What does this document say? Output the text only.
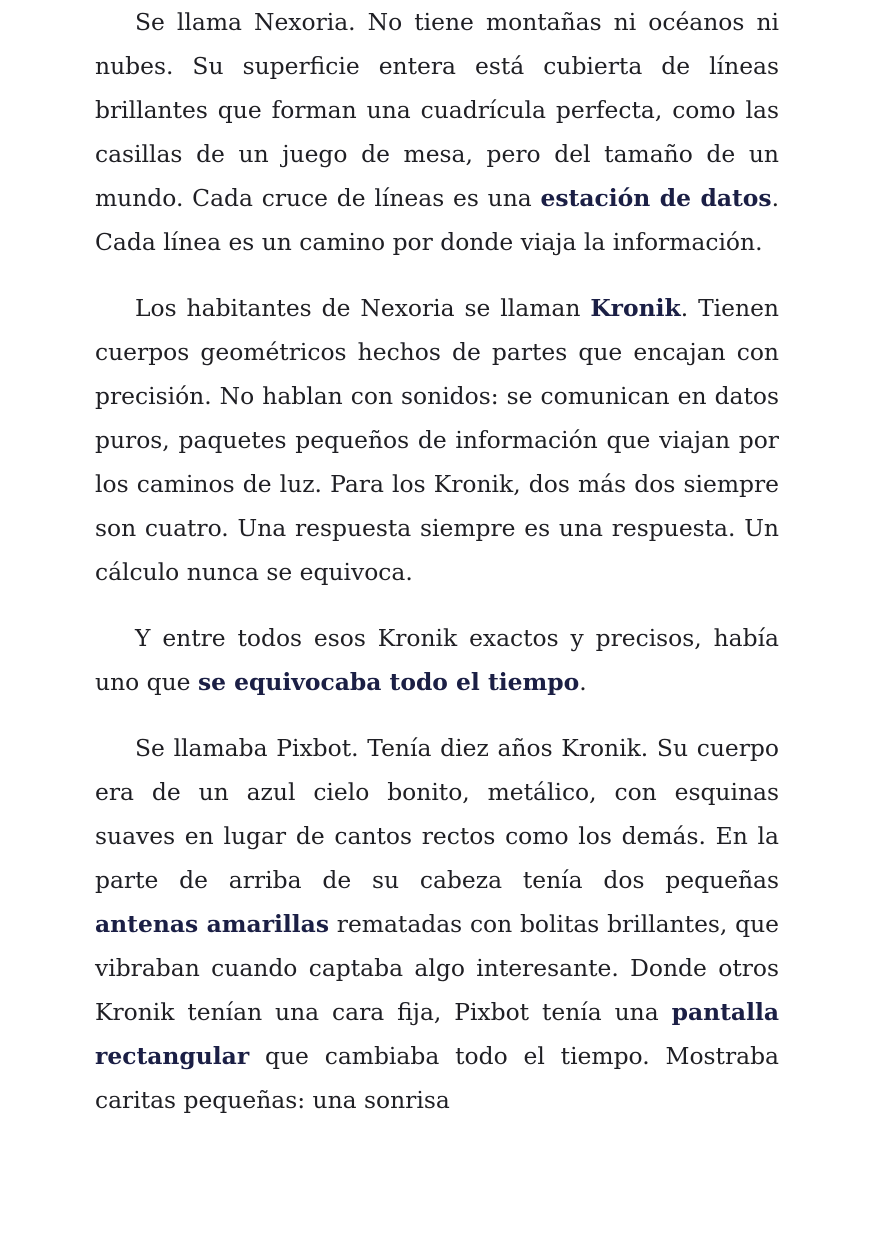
Se llama Nexoria. No tiene montañas ni océanos ni nubes. Su superficie entera está cubierta de líneas brillantes que forman una cuadrícula perfecta, como las casillas de un juego de mesa, pero del tamaño de un mundo. Cada cruce de líneas es una estación de datos. Cada línea es un camino por donde viaja la información.

Los habitantes de Nexoria se llaman Kronik. Tienen cuerpos geométricos hechos de partes que encajan con precisión. No hablan con sonidos: se comunican en datos puros, paquetes pequeños de información que viajan por los caminos de luz. Para los Kronik, dos más dos siempre son cuatro. Una respuesta siempre es una respuesta. Un cálculo nunca se equivoca.

Y entre todos esos Kronik exactos y precisos, había uno que se equivocaba todo el tiempo.

Se llamaba Pixbot. Tenía diez años Kronik. Su cuerpo era de un azul cielo bonito, metálico, con esquinas suaves en lugar de cantos rectos como los demás. En la parte de arriba de su cabeza tenía dos pequeñas antenas amarillas rematadas con bolitas brillantes, que vibraban cuando captaba algo interesante. Donde otros Kronik tenían una cara fija, Pixbot tenía una pantalla rectangular que cambiaba todo el tiempo. Mostraba caritas pequeñas: una sonrisa
